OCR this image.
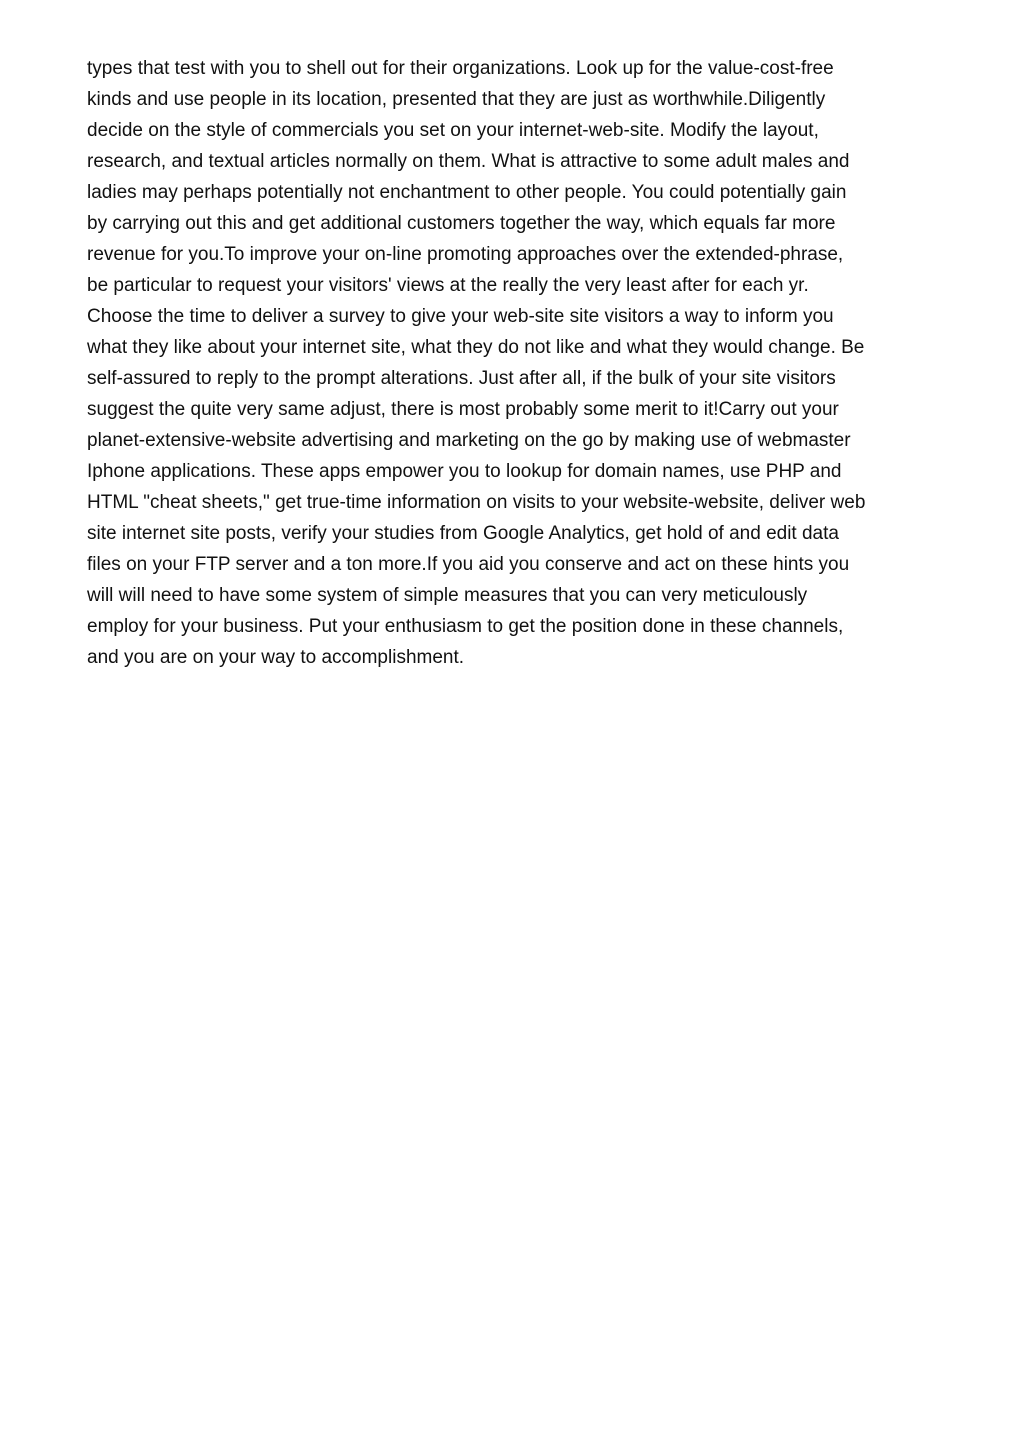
types that test with you to shell out for their organizations. Look up for the value-cost-free
kinds and use people in its location, presented that they are just as worthwhile.Diligently
decide on the style of commercials you set on your internet-web-site. Modify the layout,
research, and textual articles normally on them. What is attractive to some adult males and
ladies may perhaps potentially not enchantment to other people. You could potentially gain
by carrying out this and get additional customers together the way, which equals far more
revenue for you.To improve your on-line promoting approaches over the extended-phrase,
be particular to request your visitors' views at the really the very least after for each yr.
Choose the time to deliver a survey to give your web-site site visitors a way to inform you
what they like about your internet site, what they do not like and what they would change. Be
self-assured to reply to the prompt alterations. Just after all, if the bulk of your site visitors
suggest the quite very same adjust, there is most probably some merit to it!Carry out your
planet-extensive-website advertising and marketing on the go by making use of webmaster
Iphone applications. These apps empower you to lookup for domain names, use PHP and
HTML "cheat sheets," get true-time information on visits to your website-website, deliver web
site internet site posts, verify your studies from Google Analytics, get hold of and edit data
files on your FTP server and a ton more.If you aid you conserve and act on these hints you
will will need to have some system of simple measures that you can very meticulously
employ for your business. Put your enthusiasm to get the position done in these channels,
and you are on your way to accomplishment.
